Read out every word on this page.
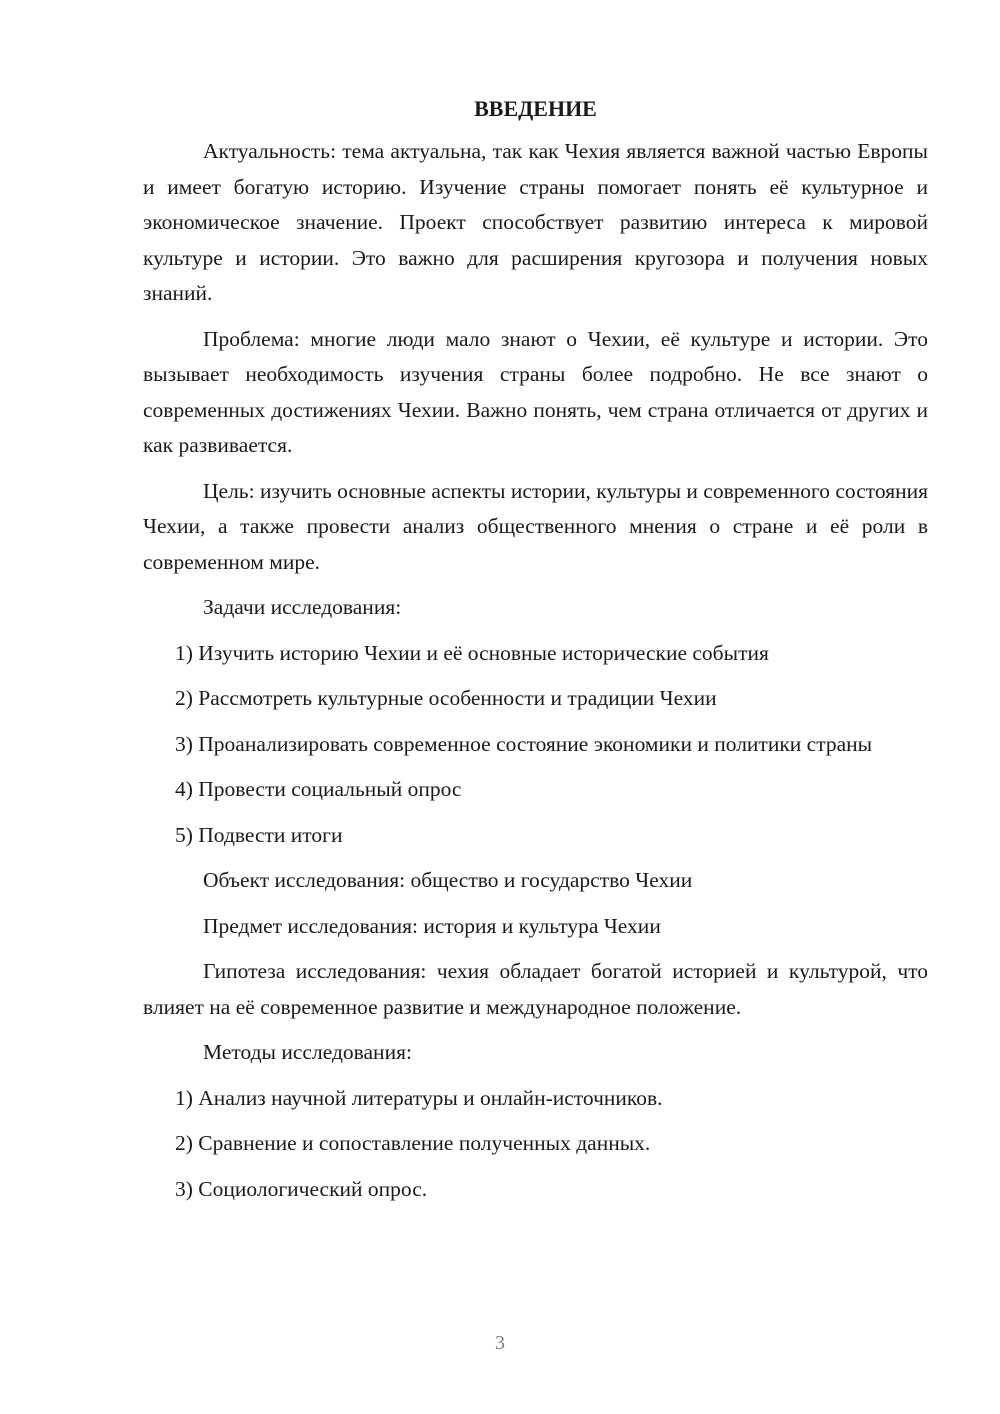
ВВЕДЕНИЕ

Актуальность: тема актуальна, так как Чехия является важной частью Европы и имеет богатую историю. Изучение страны помогает понять её культурное и экономическое значение. Проект способствует развитию интереса к мировой культуре и истории. Это важно для расширения кругозора и получения новых знаний.

Проблема: многие люди мало знают о Чехии, её культуре и истории. Это вызывает необходимость изучения страны более подробно. Не все знают о современных достижениях Чехии. Важно понять, чем страна отличается от других и как развивается.

Цель: изучить основные аспекты истории, культуры и современного состояния Чехии, а также провести анализ общественного мнения о стране и её роли в современном мире.

Задачи исследования:

1) Изучить историю Чехии и её основные исторические события

2) Рассмотреть культурные особенности и традиции Чехии

3) Проанализировать современное состояние экономики и политики страны

4) Провести социальный опрос

5) Подвести итоги

Объект исследования: общество и государство Чехии

Предмет исследования: история и культура Чехии

Гипотеза исследования: чехия обладает богатой историей и культурой, что влияет на её современное развитие и международное положение.

Методы исследования:

1) Анализ научной литературы и онлайн-источников.

2) Сравнение и сопоставление полученных данных.

3) Социологический опрос.

3
